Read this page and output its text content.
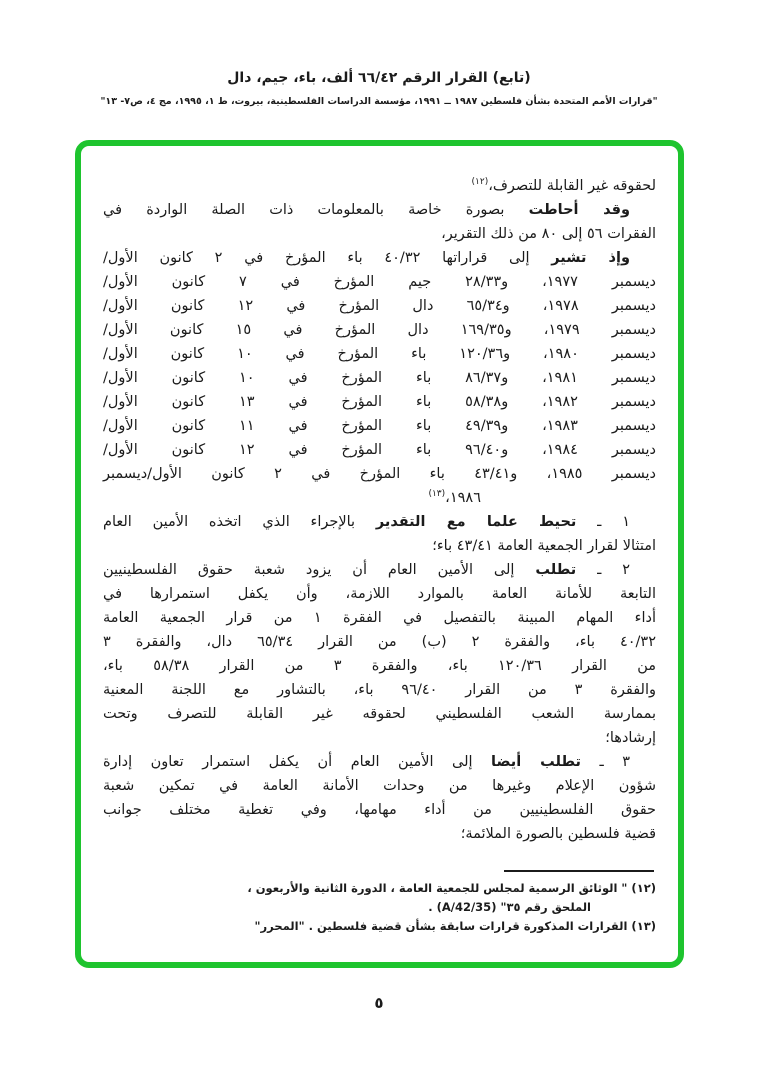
(تابع) القرار الرقم ٦٦/٤٢ ألف، باء، جيم، دال
"قرارات الأمم المتحدة بشأن فلسطين ١٩٨٧ ــ ١٩٩١، مؤسسة الدراسات الفلسطينية، بيروت، ط ١، ١٩٩٥، مج ٤، ص٧- ١٣"
لحقوقه غير القابلة للتصرف،$^{(١٢)}$
وقد أحاطت بصورة خاصة بالمعلومات ذات الصلة الواردة في
الفقرات ٥٦ إلى ٨٠ من ذلك التقرير،
وإذ تشير إلى قراراتها ٤٠/٣٢ باء المؤرخ في ٢ كانون الأول/
ديسمبر ١٩٧٧، و٢٨/٣٣ جيم المؤرخ في ٧ كانون الأول/
ديسمبر ١٩٧٨، و٦٥/٣٤ دال المؤرخ في ١٢ كانون الأول/
ديسمبر ١٩٧٩، و١٦٩/٣٥ دال المؤرخ في ١٥ كانون الأول/
ديسمبر ١٩٨٠، و١٢٠/٣٦ باء المؤرخ في ١٠ كانون الأول/
ديسمبر ١٩٨١، و٨٦/٣٧ باء المؤرخ في ١٠ كانون الأول/
ديسمبر ١٩٨٢، و٥٨/٣٨ باء المؤرخ في ١٣ كانون الأول/
ديسمبر ١٩٨٣، و٤٩/٣٩ باء المؤرخ في ١١ كانون الأول/
ديسمبر ١٩٨٤، و٩٦/٤٠ باء المؤرخ في ١٢ كانون الأول/
ديسمبر ١٩٨٥، و٤٣/٤١ باء المؤرخ في ٢ كانون الأول/ديسمبر
١٩٨٦،$^{(١٣)}$
١ ـ تحيط علما مع التقدير بالإجراء الذي اتخذه الأمين العام
امتثالا لقرار الجمعية العامة ٤٣/٤١ باء؛
٢ ـ تطلب إلى الأمين العام أن يزود شعبة حقوق الفلسطينيين
التابعة للأمانة العامة بالموارد اللازمة، وأن يكفل استمرارها في
أداء المهام المبينة بالتفصيل في الفقرة ١ من قرار الجمعية العامة
٤٠/٣٢ باء، والفقرة ٢ (ب) من القرار ٦٥/٣٤ دال، والفقرة ٣
من القرار ١٢٠/٣٦ باء، والفقرة ٣ من القرار ٥٨/٣٨ باء،
والفقرة ٣ من القرار ٩٦/٤٠ باء، بالتشاور مع اللجنة المعنية
بممارسة الشعب الفلسطيني لحقوقه غير القابلة للتصرف وتحت
إرشادها؛
٣ ـ تطلب أيضا إلى الأمين العام أن يكفل استمرار تعاون إدارة
شؤون الإعلام وغيرها من وحدات الأمانة العامة في تمكين شعبة
حقوق الفلسطينيين من أداء مهامها، وفي تغطية مختلف جوانب
قضية فلسطين بالصورة الملائمة؛
(١٢) " الوثائق الرسمية لمجلس للجمعية العامة ، الدورة الثانية والأربعون ،
الملحق رقم ٣٥" (A/42/35) .
(١٣) القرارات المذكورة قرارات سابقة بشأن قضية فلسطين . "المحرر"
٥
